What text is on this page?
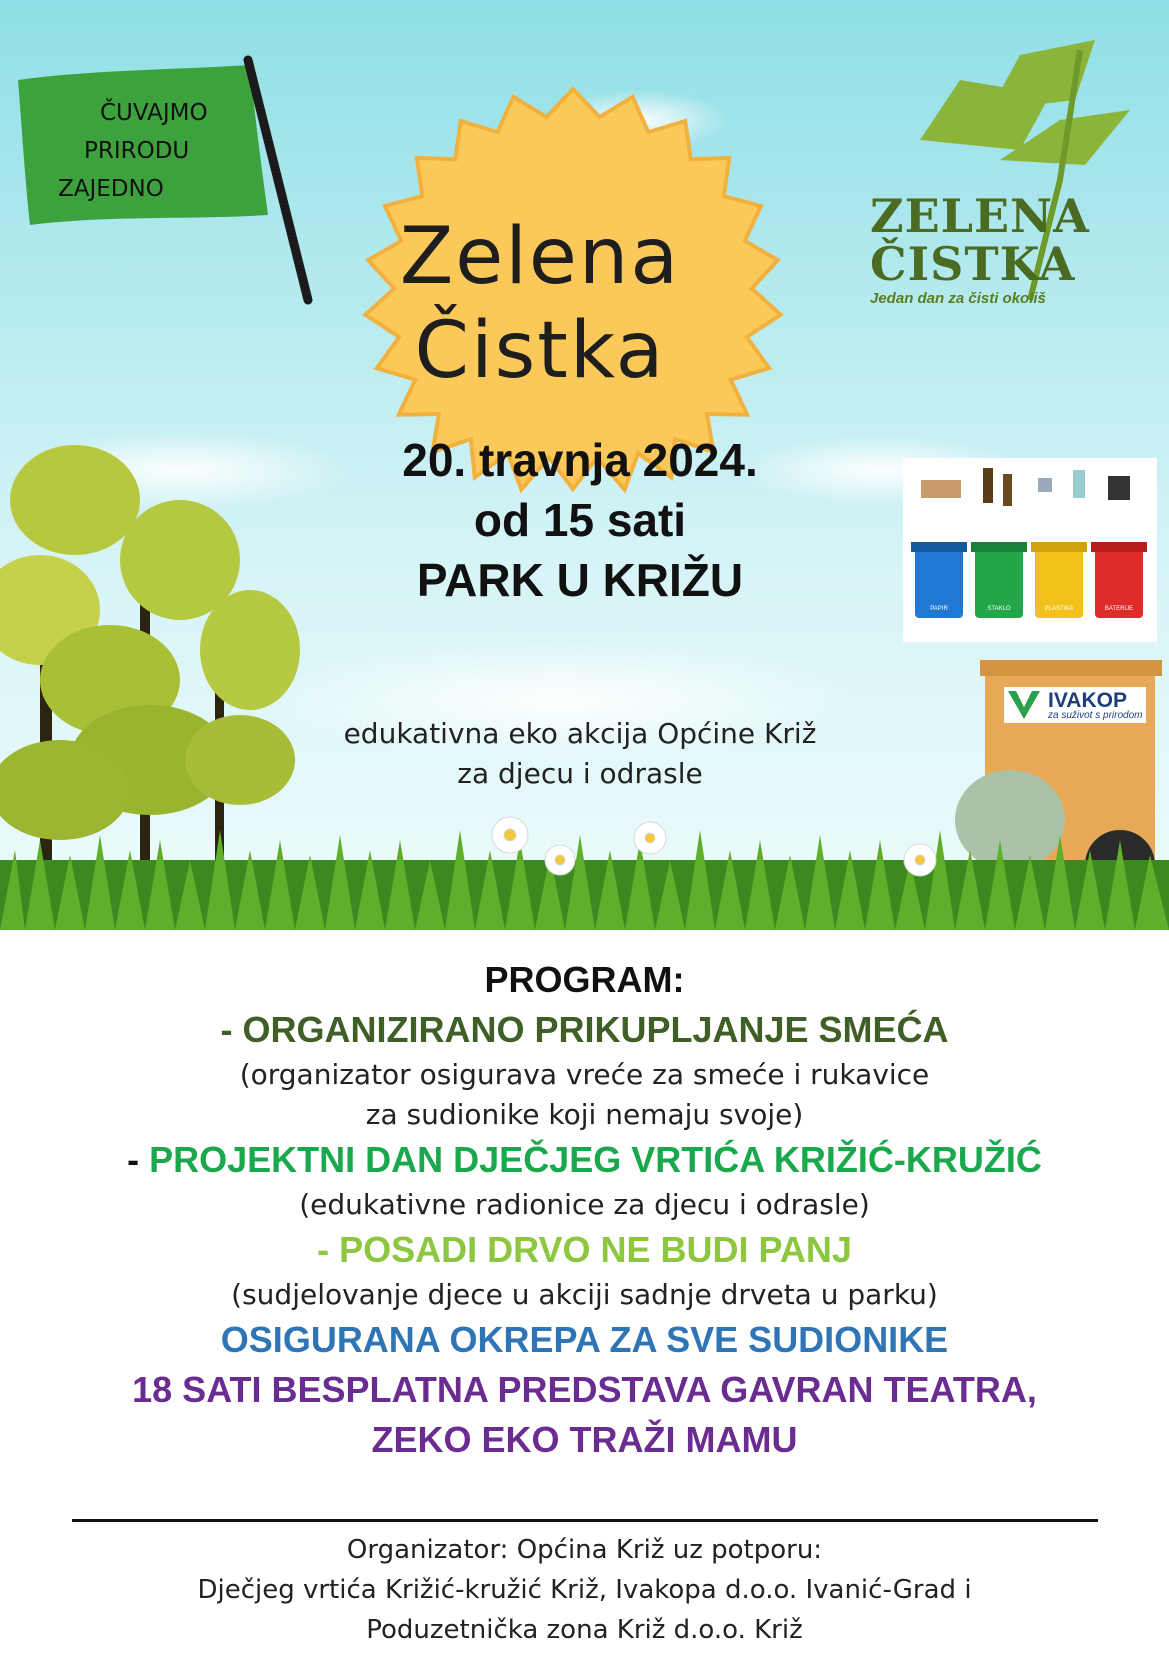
ČUVAJMO
PRIRODU
ZAJEDNO
Zelena
Čistka
20. travnja 2024.
od 15 sati
PARK U KRIŽU
ZELENA
ČISTKA
Jedan dan za čisti okoliš
PAPIR	STAKLO	PLASTIKA	BATERIJE
IVAKOP
za suživot s prirodom
edukativna eko akcija Općine Križ
za djecu i odrasle
PROGRAM:
- ORGANIZIRANO PRIKUPLJANJE SMEĆA
(organizator osigurava vreće za smeće i rukavice
za sudionike koji nemaju svoje)
- PROJEKTNI DAN DJEČJEG VRTIĆA KRIŽIĆ-KRUŽIĆ
(edukativne radionice za djecu i odrasle)
- POSADI DRVO NE BUDI PANJ
(sudjelovanje djece u akciji sadnje drveta u parku)
OSIGURANA OKREPA ZA SVE SUDIONIKE
18 SATI BESPLATNA PREDSTAVA GAVRAN TEATRA,
ZEKO EKO TRAŽI MAMU
Organizator: Općina Križ uz potporu:
Dječjeg vrtića Križić-kružić Križ, Ivakopa d.o.o. Ivanić-Grad i
Poduzetnička zona Križ d.o.o. Križ
